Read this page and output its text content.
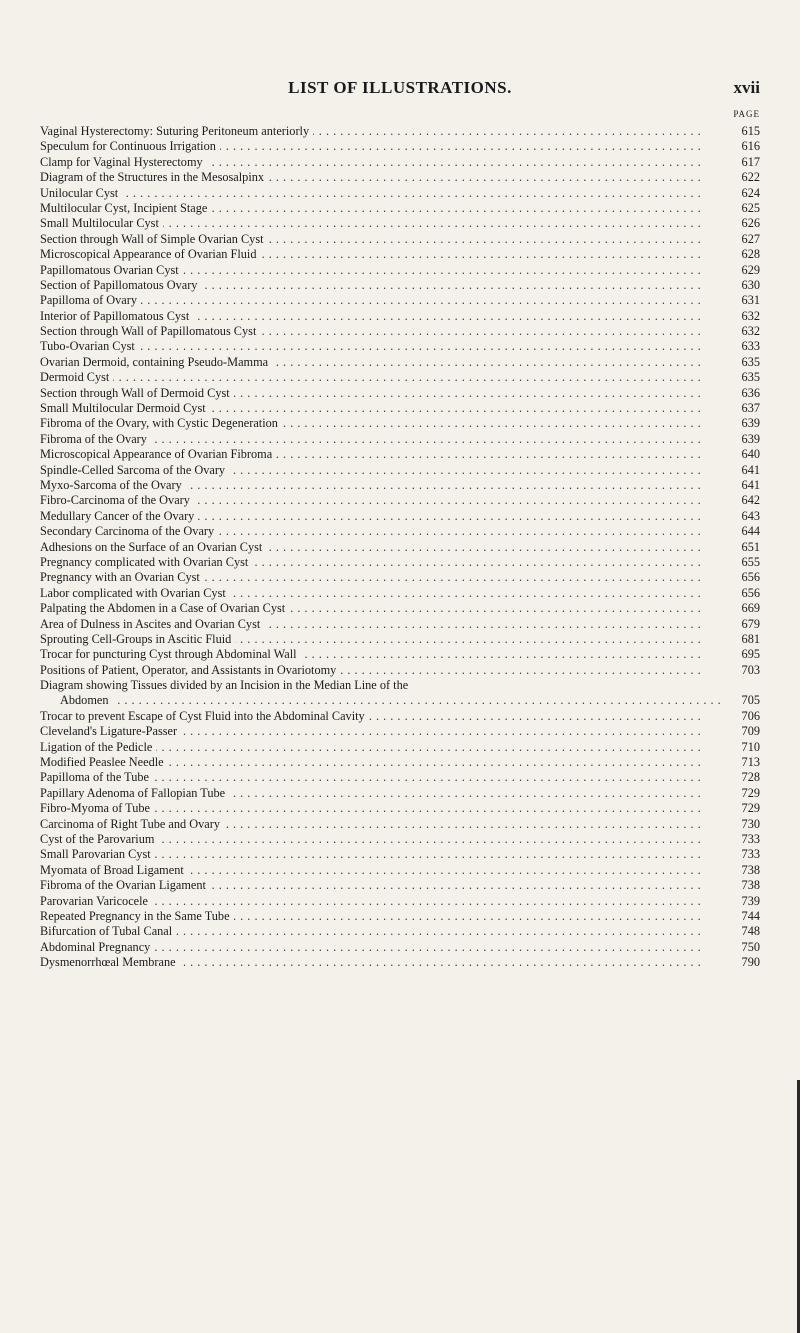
LIST OF ILLUSTRATIONS.	xvii
PAGE
Vaginal Hysterectomy: Suturing Peritoneum anteriorly . . .	615
Speculum for Continuous Irrigation . . .	616
Clamp for Vaginal Hysterectomy . . .	617
Diagram of the Structures in the Mesosalpinx . . .	622
Unilocular Cyst . . .	624
Multilocular Cyst, Incipient Stage . . .	625
Small Multilocular Cyst . . .	626
Section through Wall of Simple Ovarian Cyst . . .	627
Microscopical Appearance of Ovarian Fluid . . .	628
Papillomatous Ovarian Cyst . . .	629
Section of Papillomatous Ovary . . .	630
Papilloma of Ovary . . .	631
Interior of Papillomatous Cyst . . .	632
Section through Wall of Papillomatous Cyst . . .	632
Tubo-Ovarian Cyst . . .	633
Ovarian Dermoid, containing Pseudo-Mamma . . .	635
Dermoid Cyst . . .	635
Section through Wall of Dermoid Cyst . . .	636
Small Multilocular Dermoid Cyst . . .	637
Fibroma of the Ovary, with Cystic Degeneration . . .	639
Fibroma of the Ovary . . .	639
Microscopical Appearance of Ovarian Fibroma . . .	640
Spindle-Celled Sarcoma of the Ovary . . .	641
Myxo-Sarcoma of the Ovary . . .	641
Fibro-Carcinoma of the Ovary . . .	642
Medullary Cancer of the Ovary . . .	643
Secondary Carcinoma of the Ovary . . .	644
Adhesions on the Surface of an Ovarian Cyst . . .	651
Pregnancy complicated with Ovarian Cyst . . .	655
Pregnancy with an Ovarian Cyst . . .	656
Labor complicated with Ovarian Cyst . . .	656
Palpating the Abdomen in a Case of Ovarian Cyst . . .	669
Area of Dulness in Ascites and Ovarian Cyst . . .	679
Sprouting Cell-Groups in Ascitic Fluid . . .	681
Trocar for puncturing Cyst through Abdominal Wall . . .	695
Positions of Patient, Operator, and Assistants in Ovariotomy . . .	703
Diagram showing Tissues divided by an Incision in the Median Line of the
Abdomen . . .	705
Trocar to prevent Escape of Cyst Fluid into the Abdominal Cavity . . .	706
Cleveland's Ligature-Passer . . .	709
Ligation of the Pedicle . . .	710
Modified Peaslee Needle . . .	713
Papilloma of the Tube . . .	728
Papillary Adenoma of Fallopian Tube . . .	729
Fibro-Myoma of Tube . . .	729
Carcinoma of Right Tube and Ovary . . .	730
Cyst of the Parovarium . . .	733
Small Parovarian Cyst . . .	733
Myomata of Broad Ligament . . .	738
Fibroma of the Ovarian Ligament . . .	738
Parovarian Varicocele . . .	739
Repeated Pregnancy in the Same Tube . . .	744
Bifurcation of Tubal Canal . . .	748
Abdominal Pregnancy . . .	750
Dysmenorrhœal Membrane . . .	790
